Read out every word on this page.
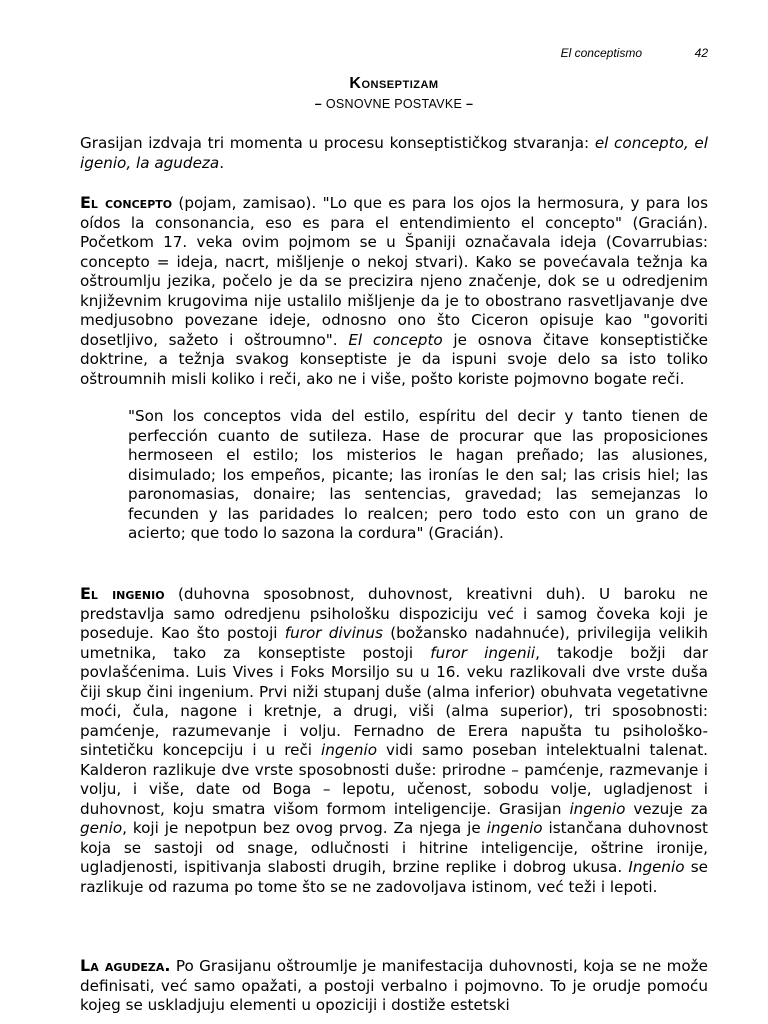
El conceptismo	42
Konseptizam
– OSNOVNE POSTAVKE –

Grasijan izdvaja tri momenta u procesu konseptističkog stvaranja: el concepto, el igenio, la agudeza.

El concepto (pojam, zamisao). "Lo que es para los ojos la hermosura, y para los oídos la consonancia, eso es para el entendimiento el concepto" (Gracián). Početkom 17. veka ovim pojmom se u Španiji označavala ideja (Covarrubias: concepto = ideja, nacrt, mišljenje o nekoj stvari). Kako se povećavala težnja ka oštroumlju jezika, počelo je da se precizira njeno značenje, dok se u odredjenim književnim krugovima nije ustalilo mišljenje da je to obostrano rasvetljavanje dve medjusobno povezane ideje, odnosno ono što Ciceron opisuje kao "govoriti dosetljivo, sažeto i oštroumno". El concepto je osnova čitave konseptističke doktrine, a težnja svakog konseptiste je da ispuni svoje delo sa isto toliko oštroumnih misli koliko i reči, ako ne i više, pošto koriste pojmovno bogate reči.

"Son los conceptos vida del estilo, espíritu del decir y tanto tienen de perfección cuanto de sutileza. Hase de procurar que las proposiciones hermoseen el estilo; los misterios le hagan preñado; las alusiones, disimulado; los empeños, picante; las ironías le den sal; las crisis hiel; las paronomasias, donaire; las sentencias, gravedad; las semejanzas lo fecunden y las paridades lo realcen; pero todo esto con un grano de acierto; que todo lo sazona la cordura" (Gracián).

El ingenio (duhovna sposobnost, duhovnost, kreativni duh). U baroku ne predstavlja samo odredjenu psihološku dispoziciju već i samog čoveka koji je poseduje. Kao što postoji furor divinus (božansko nadahnuće), privilegija velikih umetnika, tako za konseptiste postoji furor ingenii, takodje božji dar povlašćenima. Luis Vives i Foks Morsiljo su u 16. veku razlikovali dve vrste duša čiji skup čini ingenium. Prvi niži stupanj duše (alma inferior) obuhvata vegetativne moći, čula, nagone i kretnje, a drugi, viši (alma superior), tri sposobnosti: pamćenje, razumevanje i volju. Fernadno de Erera napušta tu psihološko-sintetičku koncepciju i u reči ingenio vidi samo poseban intelektualni talenat. Kalderon razlikuje dve vrste sposobnosti duše: prirodne – pamćenje, razmevanje i volju, i više, date od Boga – lepotu, učenost, sobodu volje, ugladjenost i duhovnost, koju smatra višom formom inteligencije. Grasijan ingenio vezuje za genio, koji je nepotpun bez ovog prvog. Za njega je ingenio istančana duhovnost koja se sastoji od snage, odlučnosti i hitrine inteligencije, oštrine ironije, ugladjenosti, ispitivanja slabosti drugih, brzine replike i dobrog ukusa. Ingenio se razlikuje od razuma po tome što se ne zadovoljava istinom, već teži i lepoti.

La agudeza. Po Grasijanu oštroumlje je manifestacija duhovnosti, koja se ne može definisati, već samo opažati, a postoji verbalno i pojmovno. To je orudje pomoću kojeg se uskladjuju elementi u opoziciji i dostiže estetski
